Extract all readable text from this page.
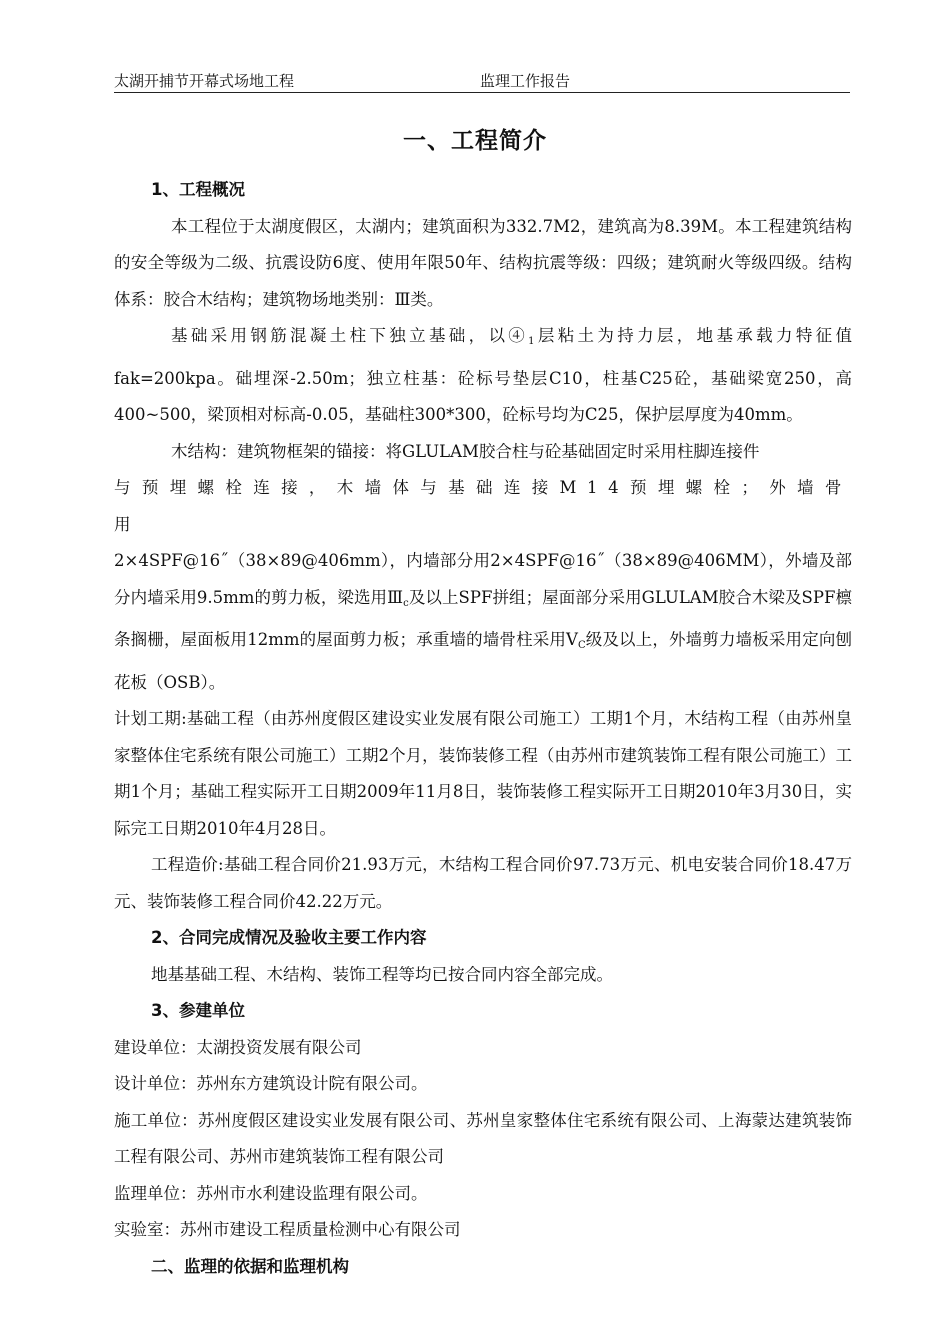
太湖开捕节开幕式场地工程	监理工作报告
一、工程简介

1、工程概况

本工程位于太湖度假区，太湖内；建筑面积为332.7M2，建筑高为8.39M。本工程建筑结构的安全等级为二级、抗震设防6度、使用年限50年、结构抗震等级：四级；建筑耐火等级四级。结构体系：胶合木结构；建筑物场地类别：Ⅲ类。

基础采用钢筋混凝土柱下独立基础，以$④_1$层粘土为持力层，地基承载力特征值fak=200kpa。础埋深-2.50m；独立柱基：砼标号垫层C10，柱基C25砼，基础梁宽250，高400~500，梁顶相对标高-0.05，基础柱300*300，砼标号均为C25，保护层厚度为40mm。

木结构：建筑物框架的锚接：将GLULAM胶合柱与砼基础固定时采用柱脚连接件

与预埋螺栓连接，木墙体与基础连接M14预埋螺栓；外墙骨用

2×4SPF@16˝（38×89@406mm），内墙部分用2×4SPF@16˝（38×89@406MM），外墙及部分内墙采用9.5mm的剪力板，梁选用$Ⅲ_c$及以上SPF拼组；屋面部分采用GLULAM胶合木梁及SPF檩条搁栅，屋面板用12mm的屋面剪力板；承重墙的墙骨柱采用$V_C$级及以上，外墙剪力墙板采用定向刨花板（OSB）。

计划工期:基础工程（由苏州度假区建设实业发展有限公司施工）工期1个月，木结构工程（由苏州皇家整体住宅系统有限公司施工）工期2个月，装饰装修工程（由苏州市建筑装饰工程有限公司施工）工期1个月；基础工程实际开工日期2009年11月8日，装饰装修工程实际开工日期2010年3月30日，实际完工日期2010年4月28日。

工程造价:基础工程合同价21.93万元，木结构工程合同价97.73万元、机电安装合同价18.47万元、装饰装修工程合同价42.22万元。

2、合同完成情况及验收主要工作内容

地基基础工程、木结构、装饰工程等均已按合同内容全部完成。

3、参建单位

建设单位：太湖投资发展有限公司

设计单位：苏州东方建筑设计院有限公司。

施工单位：苏州度假区建设实业发展有限公司、苏州皇家整体住宅系统有限公司、上海蒙达建筑装饰工程有限公司、苏州市建筑装饰工程有限公司

监理单位：苏州市水利建设监理有限公司。

实验室：苏州市建设工程质量检测中心有限公司

二、监理的依据和监理机构
